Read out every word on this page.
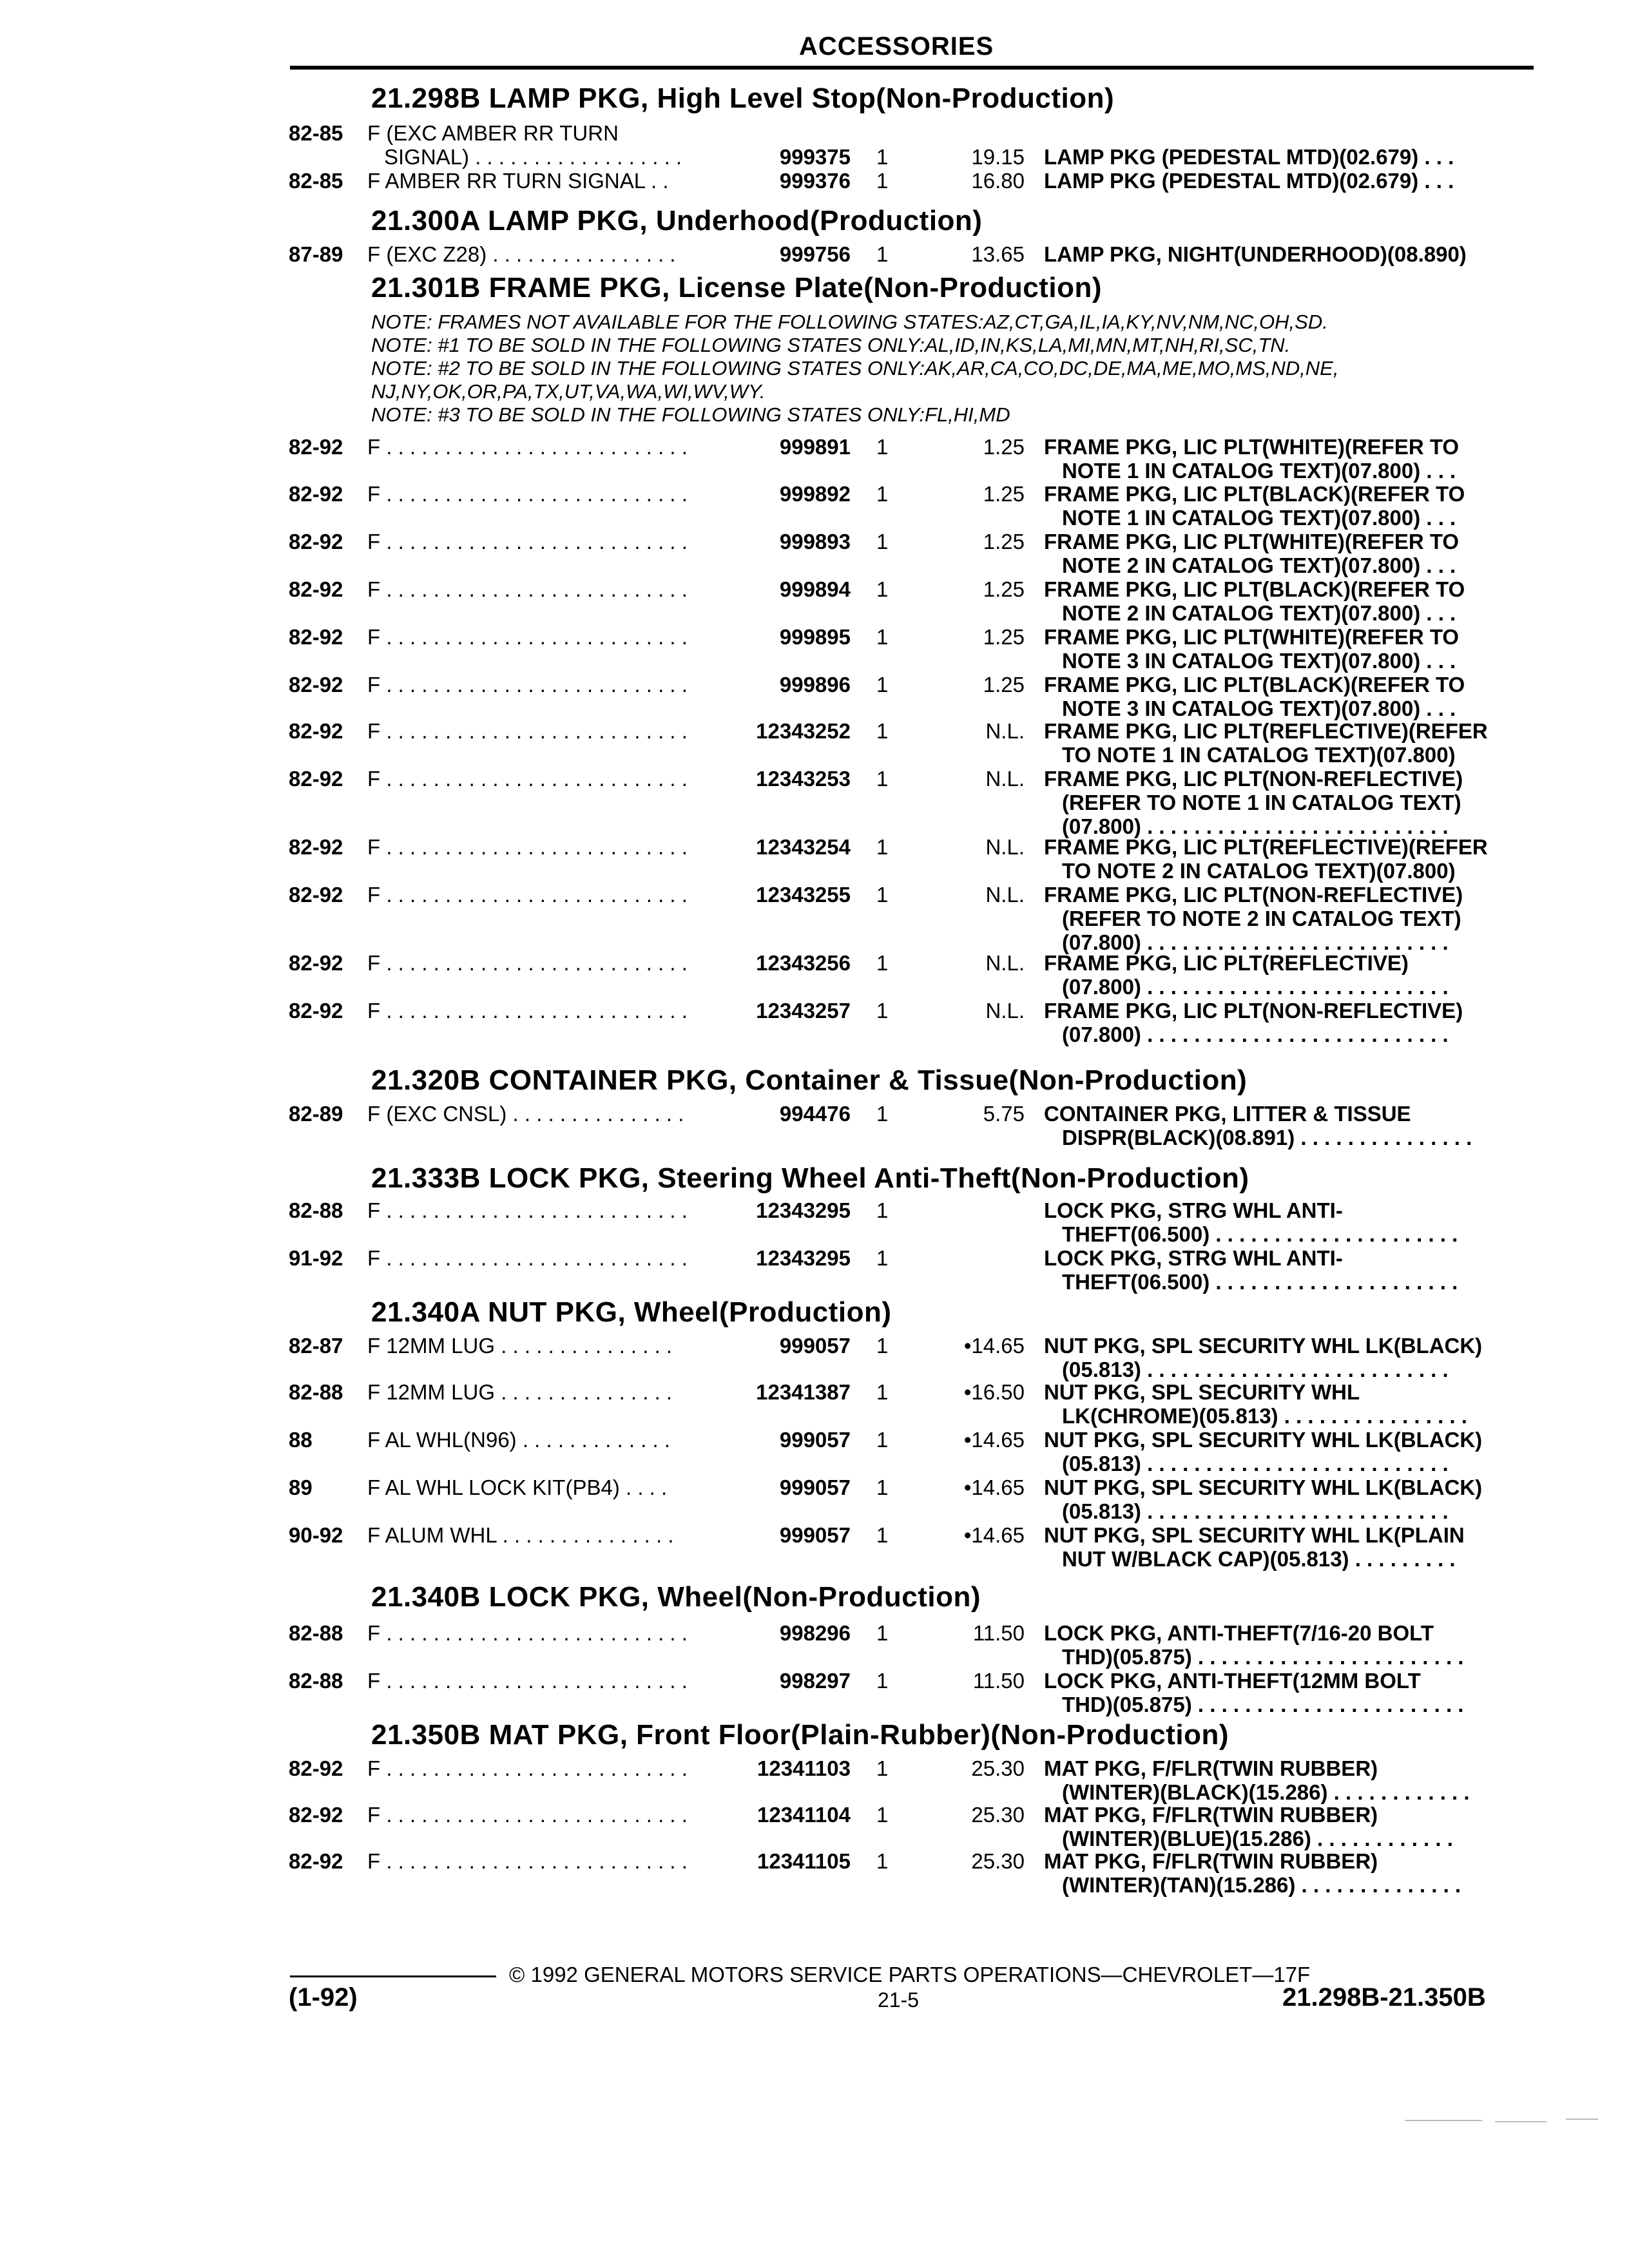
ACCESSORIES
21.298B LAMP PKG, High Level Stop(Non-Production)
82-85 F (EXC AMBER RR TURN
SIGNAL) . . . . . . . . . . . . . . . . . .	999375 1	19.15 LAMP PKG (PEDESTAL MTD)(02.679) . . .
82-85 F AMBER RR TURN SIGNAL . .	999376 1	16.80 LAMP PKG (PEDESTAL MTD)(02.679) . . .
21.300A LAMP PKG, Underhood(Production)
87-89 F (EXC Z28) . . . . . . . . . . . . . . . .	999756 1	13.65 LAMP PKG, NIGHT(UNDERHOOD)(08.890)
21.301B FRAME PKG, License Plate(Non-Production)
NOTE: FRAMES NOT AVAILABLE FOR THE FOLLOWING STATES:AZ,CT,GA,IL,IA,KY,NV,NM,NC,OH,SD.
NOTE: #1 TO BE SOLD IN THE FOLLOWING STATES ONLY:AL,ID,IN,KS,LA,MI,MN,MT,NH,RI,SC,TN.
NOTE: #2 TO BE SOLD IN THE FOLLOWING STATES ONLY:AK,AR,CA,CO,DC,DE,MA,ME,MO,MS,ND,NE,
NJ,NY,OK,OR,PA,TX,UT,VA,WA,WI,WV,WY.
NOTE: #3 TO BE SOLD IN THE FOLLOWING STATES ONLY:FL,HI,MD
82-92 F . . . . . . . . . . . . . . . . . . . . . . . . . .	999891 1	1.25 FRAME PKG, LIC PLT(WHITE)(REFER TO
NOTE 1 IN CATALOG TEXT)(07.800) . . .
82-92 F . . . . . . . . . . . . . . . . . . . . . . . . . .	999892 1	1.25 FRAME PKG, LIC PLT(BLACK)(REFER TO
NOTE 1 IN CATALOG TEXT)(07.800) . . .
82-92 F . . . . . . . . . . . . . . . . . . . . . . . . . .	999893 1	1.25 FRAME PKG, LIC PLT(WHITE)(REFER TO
NOTE 2 IN CATALOG TEXT)(07.800) . . .
82-92 F . . . . . . . . . . . . . . . . . . . . . . . . . .	999894 1	1.25 FRAME PKG, LIC PLT(BLACK)(REFER TO
NOTE 2 IN CATALOG TEXT)(07.800) . . .
82-92 F . . . . . . . . . . . . . . . . . . . . . . . . . .	999895 1	1.25 FRAME PKG, LIC PLT(WHITE)(REFER TO
NOTE 3 IN CATALOG TEXT)(07.800) . . .
82-92 F . . . . . . . . . . . . . . . . . . . . . . . . . .	999896 1	1.25 FRAME PKG, LIC PLT(BLACK)(REFER TO
NOTE 3 IN CATALOG TEXT)(07.800) . . .
82-92 F . . . . . . . . . . . . . . . . . . . . . . . . . .	12343252 1	N.L. FRAME PKG, LIC PLT(REFLECTIVE)(REFER
TO NOTE 1 IN CATALOG TEXT)(07.800)
82-92 F . . . . . . . . . . . . . . . . . . . . . . . . . .	12343253 1	N.L. FRAME PKG, LIC PLT(NON-REFLECTIVE)
(REFER TO NOTE 1 IN CATALOG TEXT)
(07.800) . . . . . . . . . . . . . . . . . . . . . . . . . .
82-92 F . . . . . . . . . . . . . . . . . . . . . . . . . .	12343254 1	N.L. FRAME PKG, LIC PLT(REFLECTIVE)(REFER
TO NOTE 2 IN CATALOG TEXT)(07.800)
82-92 F . . . . . . . . . . . . . . . . . . . . . . . . . .	12343255 1	N.L. FRAME PKG, LIC PLT(NON-REFLECTIVE)
(REFER TO NOTE 2 IN CATALOG TEXT)
(07.800) . . . . . . . . . . . . . . . . . . . . . . . . . .
82-92 F . . . . . . . . . . . . . . . . . . . . . . . . . .	12343256 1	N.L. FRAME PKG, LIC PLT(REFLECTIVE)
(07.800) . . . . . . . . . . . . . . . . . . . . . . . . . .
82-92 F . . . . . . . . . . . . . . . . . . . . . . . . . .	12343257 1	N.L. FRAME PKG, LIC PLT(NON-REFLECTIVE)
(07.800) . . . . . . . . . . . . . . . . . . . . . . . . . .
21.320B CONTAINER PKG, Container & Tissue(Non-Production)
82-89 F (EXC CNSL) . . . . . . . . . . . . . . .	994476 1	5.75 CONTAINER PKG, LITTER & TISSUE
DISPR(BLACK)(08.891) . . . . . . . . . . . . . . .
21.333B LOCK PKG, Steering Wheel Anti-Theft(Non-Production)
82-88 F . . . . . . . . . . . . . . . . . . . . . . . . . .	12343295 1	LOCK PKG, STRG WHL ANTI-
THEFT(06.500) . . . . . . . . . . . . . . . . . . . . .
91-92 F . . . . . . . . . . . . . . . . . . . . . . . . . .	12343295 1	LOCK PKG, STRG WHL ANTI-
THEFT(06.500) . . . . . . . . . . . . . . . . . . . . .
21.340A NUT PKG, Wheel(Production)
82-87 F 12MM LUG . . . . . . . . . . . . . . .	999057 1	•14.65 NUT PKG, SPL SECURITY WHL LK(BLACK)
(05.813) . . . . . . . . . . . . . . . . . . . . . . . . . .
82-88 F 12MM LUG . . . . . . . . . . . . . . .	12341387 1	•16.50 NUT PKG, SPL SECURITY WHL
LK(CHROME)(05.813) . . . . . . . . . . . . . . . .
88	F AL WHL(N96) . . . . . . . . . . . . .	999057 1	•14.65 NUT PKG, SPL SECURITY WHL LK(BLACK)
(05.813) . . . . . . . . . . . . . . . . . . . . . . . . . .
89	F AL WHL LOCK KIT(PB4) . . . .	999057 1	•14.65 NUT PKG, SPL SECURITY WHL LK(BLACK)
(05.813) . . . . . . . . . . . . . . . . . . . . . . . . . .
90-92 F ALUM WHL . . . . . . . . . . . . . . .	999057 1	•14.65 NUT PKG, SPL SECURITY WHL LK(PLAIN
NUT W/BLACK CAP)(05.813) . . . . . . . . .
21.340B LOCK PKG, Wheel(Non-Production)
82-88 F . . . . . . . . . . . . . . . . . . . . . . . . . .	998296 1	11.50 LOCK PKG, ANTI-THEFT(7/16-20 BOLT
THD)(05.875) . . . . . . . . . . . . . . . . . . . . . . .
82-88 F . . . . . . . . . . . . . . . . . . . . . . . . . .	998297 1	11.50 LOCK PKG, ANTI-THEFT(12MM BOLT
THD)(05.875) . . . . . . . . . . . . . . . . . . . . . . .
21.350B MAT PKG, Front Floor(Plain-Rubber)(Non-Production)
82-92 F . . . . . . . . . . . . . . . . . . . . . . . . . .	12341103 1	25.30 MAT PKG, F/FLR(TWIN RUBBER)
(WINTER)(BLACK)(15.286) . . . . . . . . . . . .
82-92 F . . . . . . . . . . . . . . . . . . . . . . . . . .	12341104 1	25.30 MAT PKG, F/FLR(TWIN RUBBER)
(WINTER)(BLUE)(15.286) . . . . . . . . . . . .
82-92 F . . . . . . . . . . . . . . . . . . . . . . . . . .	12341105 1	25.30 MAT PKG, F/FLR(TWIN RUBBER)
(WINTER)(TAN)(15.286) . . . . . . . . . . . . . .
© 1992 GENERAL MOTORS SERVICE PARTS OPERATIONS—CHEVROLET—17F
(1-92)	21-5	21.298B-21.350B
